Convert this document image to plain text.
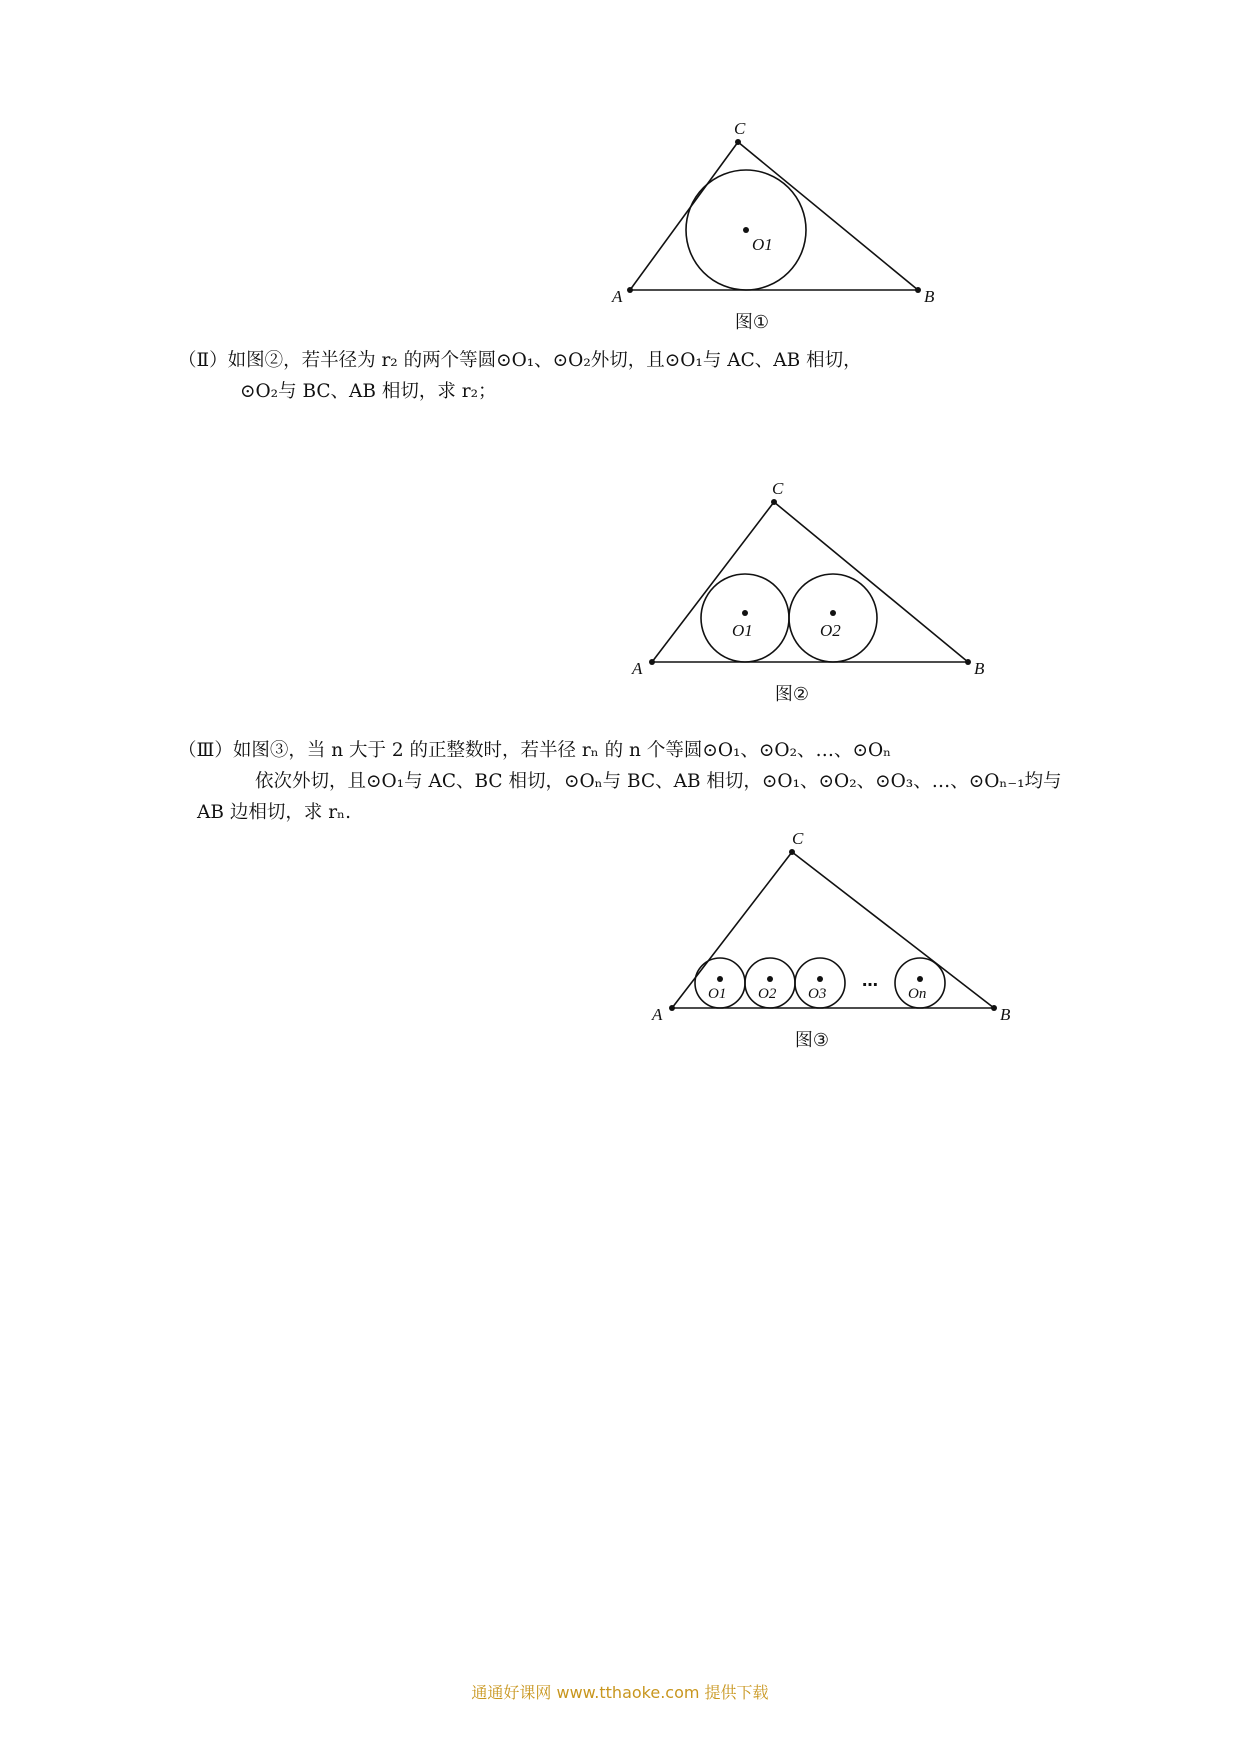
A	B
C
O1
图①

（Ⅱ）如图②，若半径为 r₂ 的两个等圆⊙O₁、⊙O₂外切，且⊙O₁与 AC、AB 相切，

⊙O₂与 BC、AB 相切，求 r₂；

A	B
C
O1	O2
图②

（Ⅲ）如图③，当 n 大于 2 的正整数时，若半径 rₙ 的 n 个等圆⊙O₁、⊙O₂、…、⊙Oₙ

依次外切，且⊙O₁与 AC、BC 相切，⊙Oₙ与 BC、AB 相切，⊙O₁、⊙O₂、⊙O₃、…、⊙Oₙ₋₁均与

AB 边相切，求 rₙ.

A	B
C
O1 O2 O3	On
…
图③
通通好课网 www.tthaoke.com 提供下载
